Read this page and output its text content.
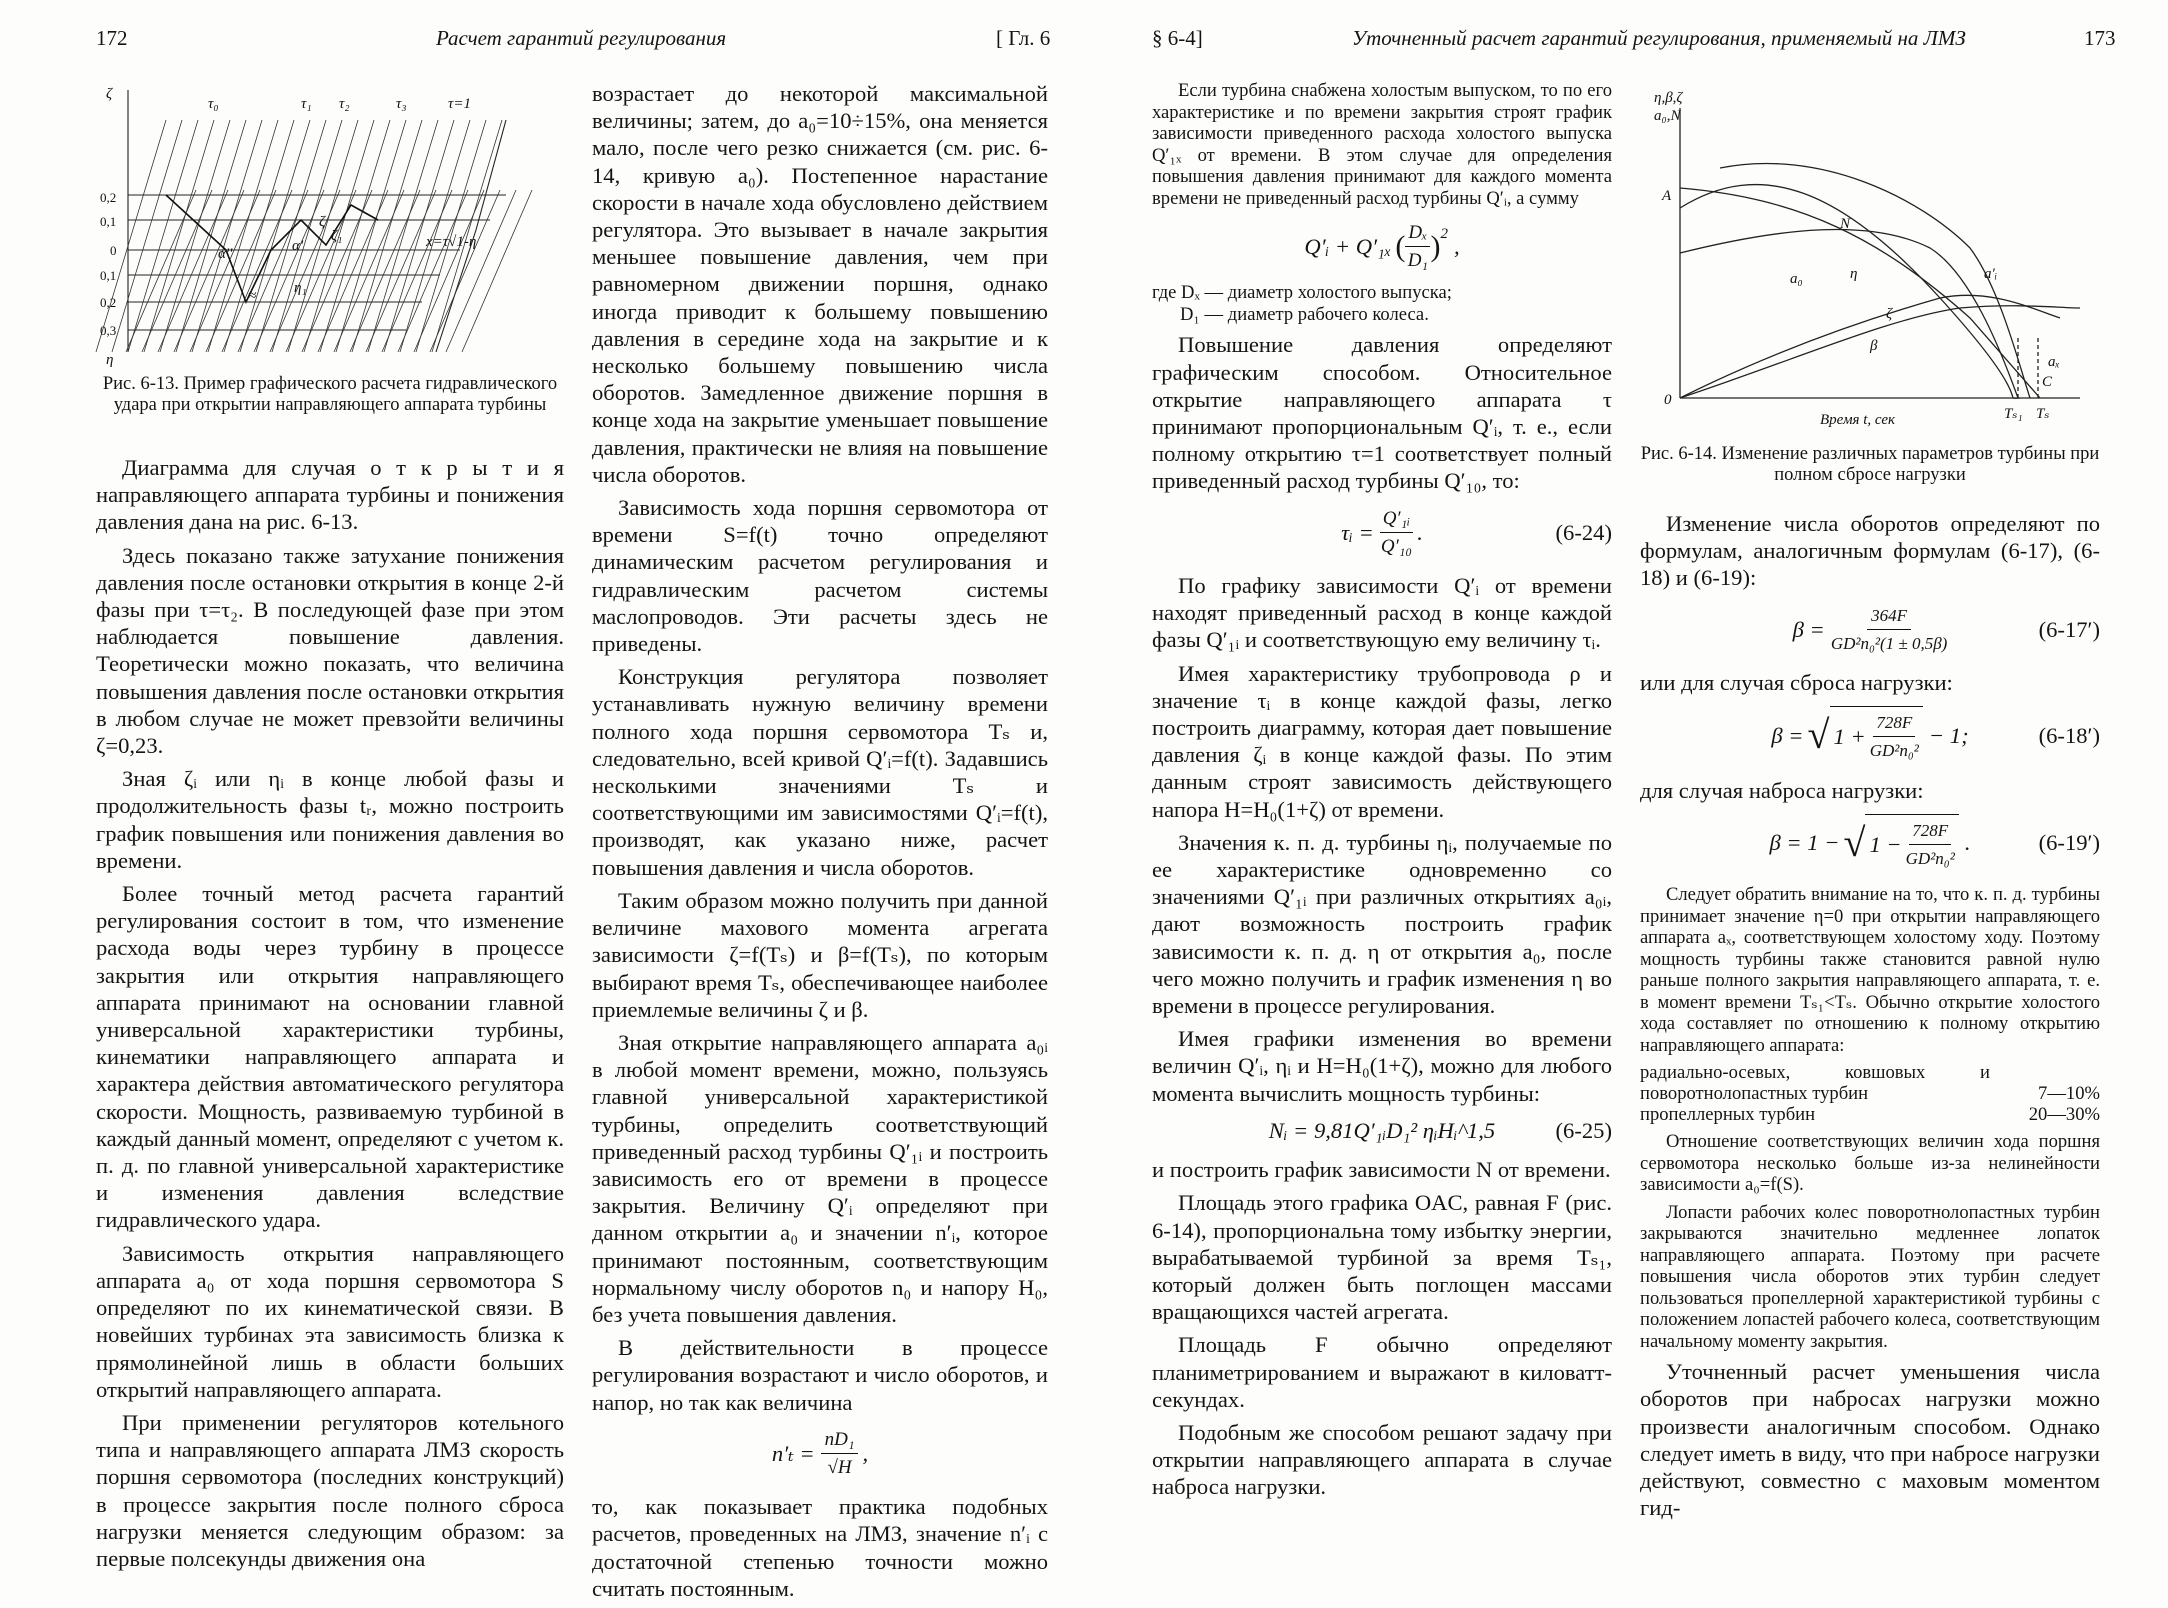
172	Расчет гарантий регулирования	[ Гл. 6
ζ
η
τ₀	τ₁ τ₂	τ₃	τ=1
x=τ√1-η
α''	α'
η₁
ζ₁
ζ
≈
0,2
0,1
0
0,1
0,2
0,3
Рис. 6-13. Пример графического расчета гидравлического удара при открытии направляющего аппарата турбины

Диаграмма для случая о т к р ы т и я направляющего аппарата турбины и понижения давления дана на рис. 6-13.

Здесь показано также затухание понижения давления после остановки открытия в конце 2-й фазы при τ=τ₂. В последующей фазе при этом наблюдается повышение давления. Теоретически можно показать, что величина повышения давления после остановки открытия в любом случае не может превзойти величины ζ=0,23.

Зная ζᵢ или ηᵢ в конце любой фазы и продолжительность фазы tᵣ, можно построить график повышения или понижения давления во времени.

Более точный метод расчета гарантий регулирования состоит в том, что изменение расхода воды через турбину в процессе закрытия или открытия направляющего аппарата принимают на основании главной универсальной характеристики турбины, кинематики направляющего аппарата и характера действия автоматического регулятора скорости. Мощность, развиваемую турбиной в каждый данный момент, определяют с учетом к. п. д. по главной универсальной характеристике и изменения давления вследствие гидравлического удара.

Зависимость открытия направляющего аппарата a₀ от хода поршня сервомотора S определяют по их кинематической связи. В новейших турбинах эта зависимость близка к прямолинейной лишь в области больших открытий направляющего аппарата.

При применении регуляторов котельного типа и направляющего аппарата ЛМЗ скорость поршня сервомотора (последних конструкций) в процессе закрытия после полного сброса нагрузки меняется следующим образом: за первые полсекунды движения она

возрастает до некоторой максимальной величины; затем, до a₀=10÷15%, она меняется мало, после чего резко снижается (см. рис. 6-14, кривую a₀). Постепенное нарастание скорости в начале хода обусловлено действием регулятора. Это вызывает в начале закрытия меньшее повышение давления, чем при равномерном движении поршня, однако иногда приводит к большему повышению давления в середине хода на закрытие и к несколько большему повышению числа оборотов. Замедленное движение поршня в конце хода на закрытие уменьшает повышение давления, практически не влияя на повышение числа оборотов.

Зависимость хода поршня сервомотора от времени S=f(t) точно определяют динамическим расчетом регулирования и гидравлическим расчетом системы маслопроводов. Эти расчеты здесь не приведены.

Конструкция регулятора позволяет устанавливать нужную величину времени полного хода поршня сервомотора Tₛ и, следовательно, всей кривой Q′ᵢ=f(t). Задавшись несколькими значениями Tₛ и соответствующими им зависимостями Q′ᵢ=f(t), производят, как указано ниже, расчет повышения давления и числа оборотов.

Таким образом можно получить при данной величине махового момента агрегата зависимости ζ=f(Tₛ) и β=f(Tₛ), по которым выбирают время Tₛ, обеспечивающее наиболее приемлемые величины ζ и β.

Зная открытие направляющего аппарата a₀ᵢ в любой момент времени, можно, пользуясь главной универсальной характеристикой турбины, определить соответствующий приведенный расход турбины Q′₁ᵢ и построить зависимость его от времени в процессе закрытия. Величину Q′ᵢ определяют при данном открытии a₀ и значении n′ᵢ, которое принимают постоянным, соответствующим нормальному числу оборотов n₀ и напору H₀, без учета повышения давления.

В действительности в процессе регулирования возрастают и число оборотов, и напор, но так как величина

$n'_t = \frac{\text{nD₁}}{√H}$ ,

то, как показывает практика подобных расчетов, проведенных на ЛМЗ, значение n′ᵢ с достаточной степенью точности можно считать постоянным.

§ 6-4]	Уточненный расчет гарантий регулирования, применяемый на ЛМЗ	173

Если турбина снабжена холостым выпуском, то по его характеристике и по времени закрытия строят график зависимости приведенного расхода холостого выпуска Q′₁ₓ от времени. В этом случае для определения повышения давления принимают для каждого момента времени не приведенный расход турбины Q′ᵢ, а сумму

Q′ᵢ + Q′₁ₓ ( $\frac{\text{Dₓ}}{\text{D₁}} )^2$
,
где Dₓ — диаметр холостого выпуска;
D₁ — диаметр рабочего колеса.

Повышение давления определяют графическим способом. Относительное открытие направляющего аппарата τ принимают пропорциональным Q′ᵢ, т. е., если полному открытию τ=1 соответствует полный приведенный расход турбины Q′₁₀, то:

τᵢ = $\frac{\text{Q′₁ᵢ}}{\text{Q′₁₀}}$ .	(6-24)

По графику зависимости Q′ᵢ от времени находят приведенный расход в конце каждой фазы Q′₁ᵢ и соответствующую ему величину τᵢ.

Имея характеристику трубопровода ρ и значение τᵢ в конце каждой фазы, легко построить диаграмму, которая дает повышение давления ζᵢ в конце каждой фазы. По этим данным строят зависимость действующего напора H=H₀(1+ζ) от времени.

Значения к. п. д. турбины ηᵢ, получаемые по ее характеристике одновременно со значениями Q′₁ᵢ при различных открытиях a₀ᵢ, дают возможность построить график зависимости к. п. д. η от открытия a₀, после чего можно получить и график изменения η во времени в процессе регулирования.

Имея графики изменения во времени величин Q′ᵢ, ηᵢ и H=H₀(1+ζ), можно для любого момента вычислить мощность турбины:

Nᵢ = 9,81Q′₁ᵢD₁² ηᵢHᵢ^1,5	(6-25)

и построить график зависимости N от времени.

Площадь этого графика OAC, равная F (рис. 6-14), пропорциональна тому избытку энергии, вырабатываемой турбиной за время Tₛ₁, который должен быть поглощен массами вращающихся частей агрегата.

Площадь F обычно определяют планиметрированием и выражают в киловатт-секундах.

Подобным же способом решают задачу при открытии направляющего аппарата в случае наброса нагрузки.

η,β,ζ
a₀,N
A
N
a₀	η	a′ᵢ
ζ
β
aₓ
C
0
Tₛ₁ Tₛ
Время t, сек
Рис. 6-14. Изменение различных параметров турбины при полном сбросе нагрузки

Изменение числа оборотов определяют по формулам, аналогичным формулам (6-17), (6-18) и (6-19):

$\beta = \frac{364F}{\text{GD²n₀²(1 ± 0,5β)}}$	(6-17′)

или для случая сброса нагрузки:

β = √ $1 + \frac{728F}{\text{GD²n₀²}} - 1$;	(6-18′)

для случая наброса нагрузки:

β = 1 − √ $1 - \frac{728F}{\text{GD²n₀²}}$ .	(6-19′)

Следует обратить внимание на то, что к. п. д. турбины принимает значение η=0 при открытии направляющего аппарата aₓ, соответствующем холостому ходу. Поэтому мощность турбины также становится равной нулю раньше полного закрытия направляющего аппарата, т. е. в момент времени Tₛ₁<Tₛ. Обычно открытие холостого хода составляет по отношению к полному открытию направляющего аппарата:

радиально-осевых, ковшовых и поворотнолопастных турбин	7—10%
пропеллерных турбин	20—30%

Отношение соответствующих величин хода поршня сервомотора несколько больше из-за нелинейности зависимости a₀=f(S).

Лопасти рабочих колес поворотнолопастных турбин закрываются значительно медленнее лопаток направляющего аппарата. Поэтому при расчете повышения числа оборотов этих турбин следует пользоваться пропеллерной характеристикой турбины с положением лопастей рабочего колеса, соответствующим начальному моменту закрытия.

Уточненный расчет уменьшения числа оборотов при набросах нагрузки можно произвести аналогичным способом. Однако следует иметь в виду, что при набросе нагрузки действуют, совместно с маховым моментом гид-
